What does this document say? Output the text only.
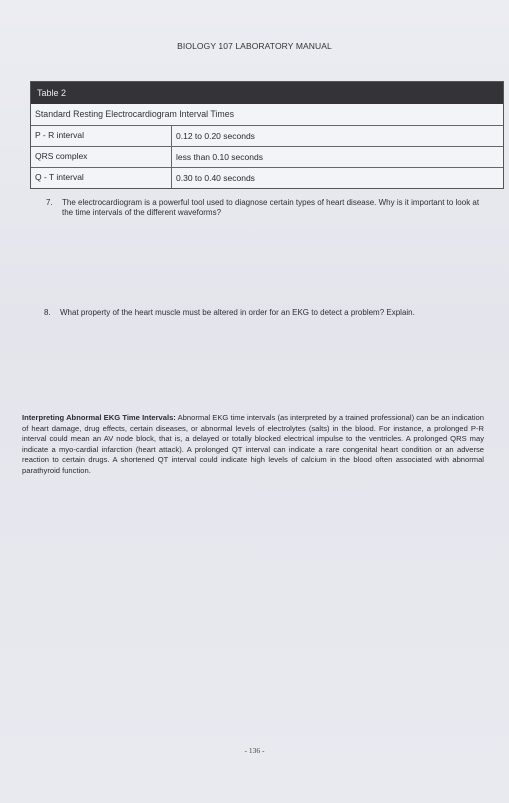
BIOLOGY 107 LABORATORY MANUAL
Table 2
Standard Resting Electrocardiogram Interval Times
P - R interval	0.12 to 0.20 seconds
QRS complex	less than 0.10 seconds
Q - T interval	0.30 to 0.40 seconds
7.	The electrocardiogram is a powerful tool used to diagnose certain types of heart disease. Why is it important to look at the time intervals of the different waveforms?
8.	What property of the heart muscle must be altered in order for an EKG to detect a problem? Explain.
Interpreting Abnormal EKG Time Intervals: Abnormal EKG time intervals (as interpreted by a trained professional) can be an indication of heart damage, drug effects, certain diseases, or abnormal levels of electrolytes (salts) in the blood. For instance, a prolonged P-R interval could mean an AV node block, that is, a delayed or totally blocked electrical impulse to the ventricles. A prolonged QRS may indicate a myo-cardial infarction (heart attack). A prolonged QT interval can indicate a rare congenital heart condition or an adverse reaction to certain drugs. A shortened QT interval could indicate high levels of calcium in the blood often associated with abnormal parathyroid function.
- 136 -
